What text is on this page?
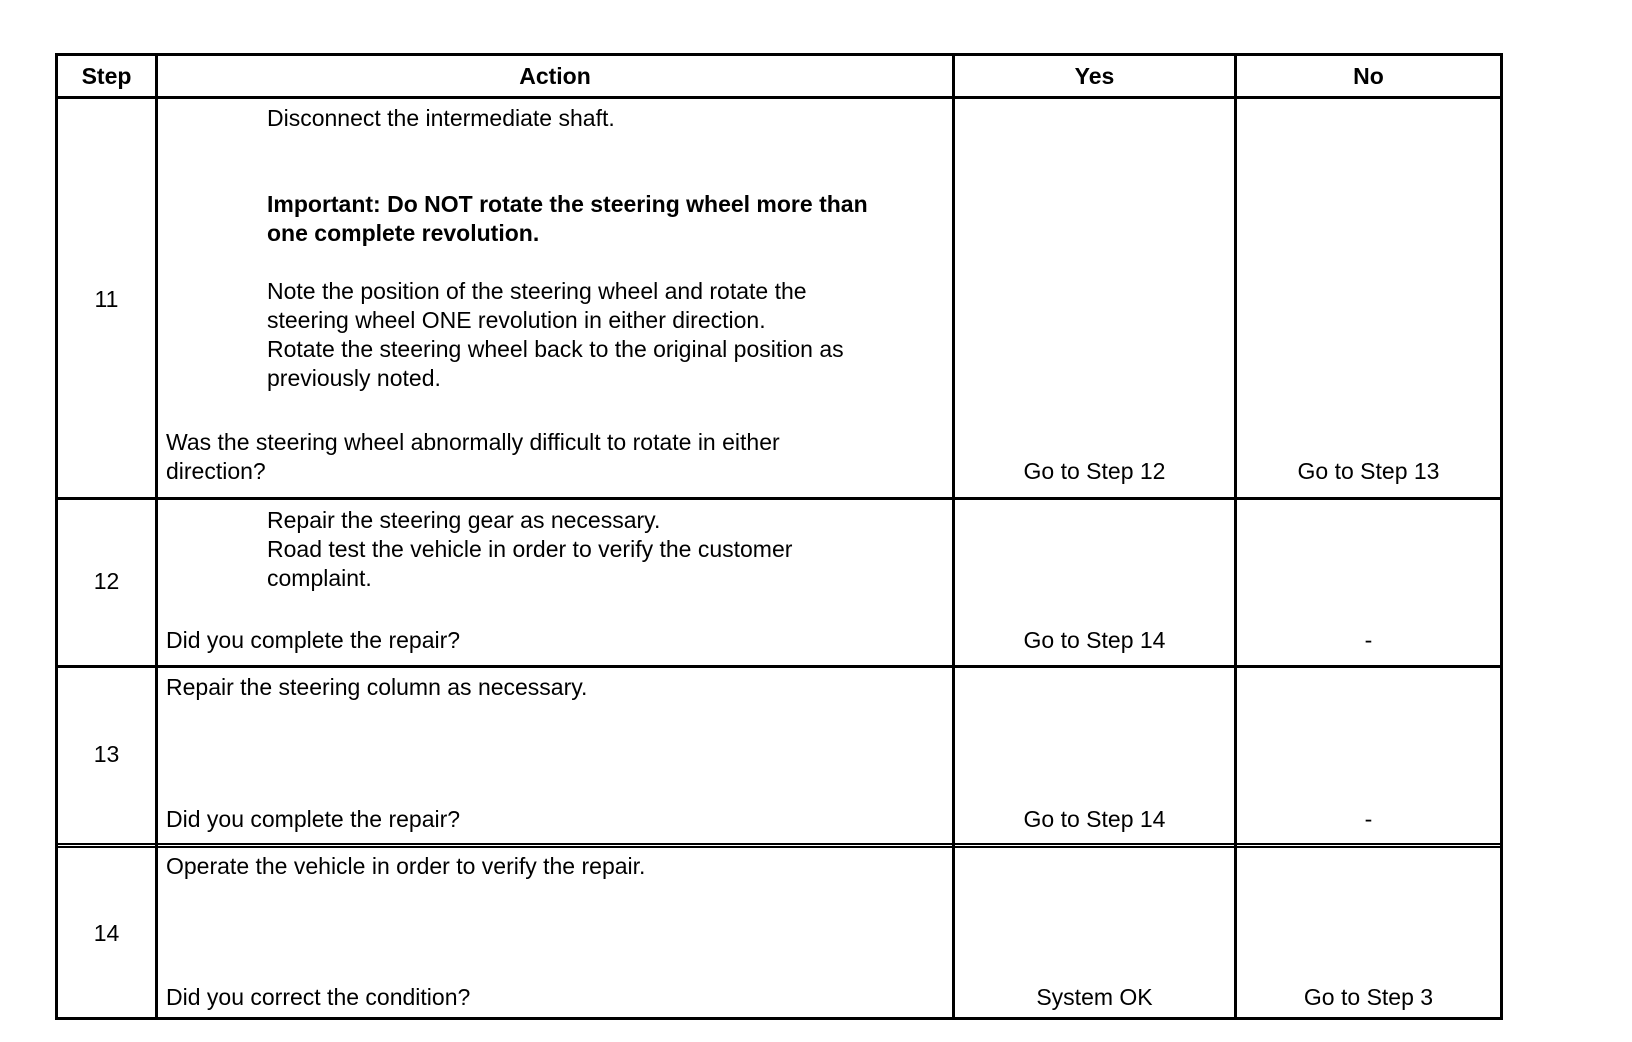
Step	Action	Yes	No
11
Disconnect the intermediate shaft.
Important: Do NOT rotate the steering wheel more than
one complete revolution.
Note the position of the steering wheel and rotate the
steering wheel ONE revolution in either direction.
Rotate the steering wheel back to the original position as
previously noted.
Was the steering wheel abnormally difficult to rotate in either
direction?	Go to Step 12	Go to Step 13
12
Repair the steering gear as necessary.
Road test the vehicle in order to verify the customer
complaint.
Did you complete the repair?	Go to Step 14	-
13
Repair the steering column as necessary.
Did you complete the repair?	Go to Step 14	-
14
Operate the vehicle in order to verify the repair.
Did you correct the condition?	System OK	Go to Step 3
